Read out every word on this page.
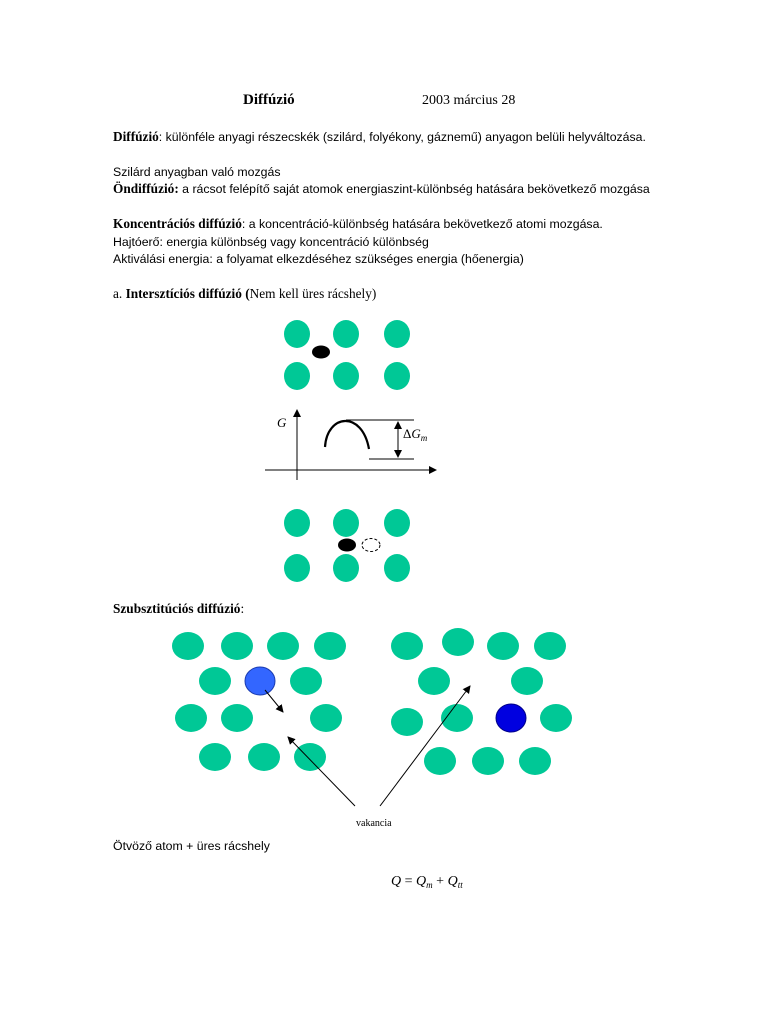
Diffúzió	2003 március 28
Diffúzió: különféle anyagi részecskék (szilárd, folyékony, gáznemű) anyagon belüli helyváltozása.
Szilárd anyagban való mozgás
Öndiffúzió: a rácsot felépítő saját atomok energiaszint-különbség hatására bekövetkező mozgása
Koncentrációs diffúzió: a koncentráció-különbség hatására bekövetkező atomi mozgása.
Hajtóerő: energia különbség vagy koncentráció különbség
Aktiválási energia: a folyamat elkezdéséhez szükséges energia (hőenergia)
a. Intersztíciós diffúzió (Nem kell üres rácshely)
Szubsztitúciós diffúzió:
Ötvöző atom + üres rácshely
G
$\Delta G_m$
vakancia
$Q = Q_m + Q_{tt}$
